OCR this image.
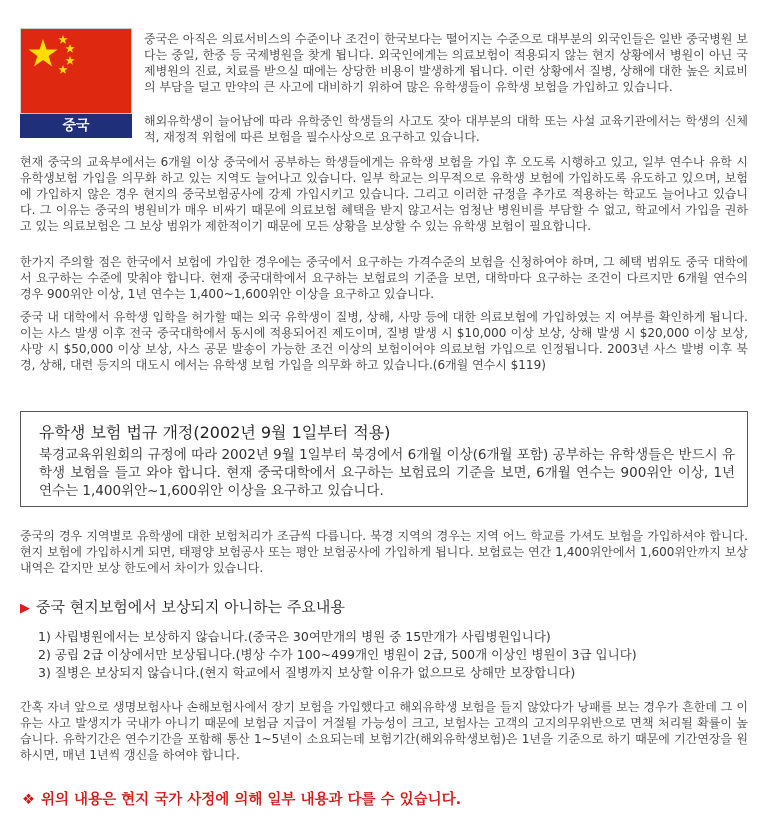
중국

중국은 아직은 의료서비스의 수준이나 조건이 한국보다는 떨어지는 수준으로 대부분의 외국인들은 일반 중국병원 보다는 중일, 한중 등 국제병원을 찾게 됩니다. 외국인에게는 의료보험이 적용되지 않는 현지 상황에서 병원이 아닌 국제병원의 진료, 치료를 받으실 때에는 상당한 비용이 발생하게 됩니다. 이런 상황에서 질병, 상해에 대한 높은 치료비의 부담을 덜고 만약의 큰 사고에 대비하기 위하여 많은 유학생들이 유학생 보험을 가입하고 있습니다.

해외유학생이 늘어남에 따라 유학중인 학생들의 사고도 잦아 대부분의 대학 또는 사설 교육기관에서는 학생의 신체적, 재정적 위험에 따른 보험을 필수사상으로 요구하고 있습니다.

현재 중국의 교육부에서는 6개월 이상 중국에서 공부하는 학생들에게는 유학생 보험을 가입 후 오도록 시행하고 있고, 일부 연수나 유학 시 유학생보험 가입을 의무화 하고 있는 지역도 늘어나고 있습니다. 일부 학교는 의무적으로 유학생 보험에 가입하도록 유도하고 있으며, 보험에 가입하지 않은 경우 현지의 중국보험공사에 강제 가입시키고 있습니다. 그리고 이러한 규정을 추가로 적용하는 학교도 늘어나고 있습니다. 그 이유는 중국의 병원비가 매우 비싸기 때문에 의료보험 혜택을 받지 않고서는 엄청난 병원비를 부담할 수 없고, 학교에서 가입을 권하고 있는 의료보험은 그 보상 범위가 제한적이기 때문에 모든 상황을 보상할 수 있는 유학생 보험이 필요합니다.

한가지 주의할 점은 한국에서 보험에 가입한 경우에는 중국에서 요구하는 가격수준의 보험을 신청하여야 하며, 그 혜택 범위도 중국 대학에서 요구하는 수준에 맞춰야 합니다. 현재 중국대학에서 요구하는 보험료의 기준을 보면, 대학마다 요구하는 조건이 다르지만 6개월 연수의 경우 900위안 이상, 1년 연수는 1,400~1,600위안 이상을 요구하고 있습니다.

중국 내 대학에서 유학생 입학을 허가할 때는 외국 유학생이 질병, 상해, 사망 등에 대한 의료보험에 가입하였는 지 여부를 확인하게 됩니다. 이는 사스 발생 이후 전국 중국대학에서 동시에 적용되어진 제도이며, 질병 발생 시 $10,000 이상 보상, 상해 발생 시 $20,000 이상 보상, 사망 시 $50,000 이상 보상, 사스 공문 발송이 가능한 조건 이상의 보험이어야 의료보험 가입으로 인정됩니다. 2003년 사스 발병 이후 북경, 상해, 대련 등지의 대도시 에서는 유학생 보험 가입을 의무화 하고 있습니다.(6개월 연수시 $119)

유학생 보험 법규 개정(2002년 9월 1일부터 적용)
북경교육위원회의 규정에 따라 2002년 9월 1일부터 북경에서 6개월 이상(6개월 포함) 공부하는 유학생들은 반드시 유학생 보험을 들고 와야 합니다. 현재 중국대학에서 요구하는 보험료의 기준을 보면, 6개월 연수는 900위안 이상, 1년 연수는 1,400위안~1,600위안 이상을 요구하고 있습니다.

중국의 경우 지역별로 유학생에 대한 보험처리가 조금씩 다릅니다. 북경 지역의 경우는 지역 어느 학교를 가셔도 보험을 가입하셔야 합니다. 현지 보험에 가입하시게 되면, 태평양 보험공사 또는 평안 보험공사에 가입하게 됩니다. 보험료는 연간 1,400위안에서 1,600위안까지 보상내역은 같지만 보상 한도에서 차이가 있습니다.

▶ 중국 현지보험에서 보상되지 아니하는 주요내용
1) 사립병원에서는 보상하지 않습니다.(중국은 30여만개의 병원 중 15만개가 사립병원입니다)
2) 공립 2급 이상에서만 보상됩니다.(병상 수가 100~499개인 병원이 2급, 500개 이상인 병원이 3급 입니다)
3) 질병은 보상되지 않습니다.(현지 학교에서 질병까지 보상할 이유가 없으므로 상해만 보장합니다)

간혹 자녀 앞으로 생명보험사나 손해보험사에서 장기 보험을 가입했다고 해외유학생 보험을 들지 않았다가 낭패를 보는 경우가 흔한데 그 이유는 사고 발생지가 국내가 아니기 때문에 보험금 지급이 거절될 가능성이 크고, 보험사는 고객의 고지의무위반으로 면책 처리될 확률이 높습니다. 유학기간은 연수기간을 포함해 통산 1~5년이 소요되는데 보험기간(해외유학생보험)은 1년을 기준으로 하기 때문에 기간연장을 원하시면, 매년 1년씩 갱신을 하여야 합니다.

❖ 위의 내용은 현지 국가 사정에 의해 일부 내용과 다를 수 있습니다.
